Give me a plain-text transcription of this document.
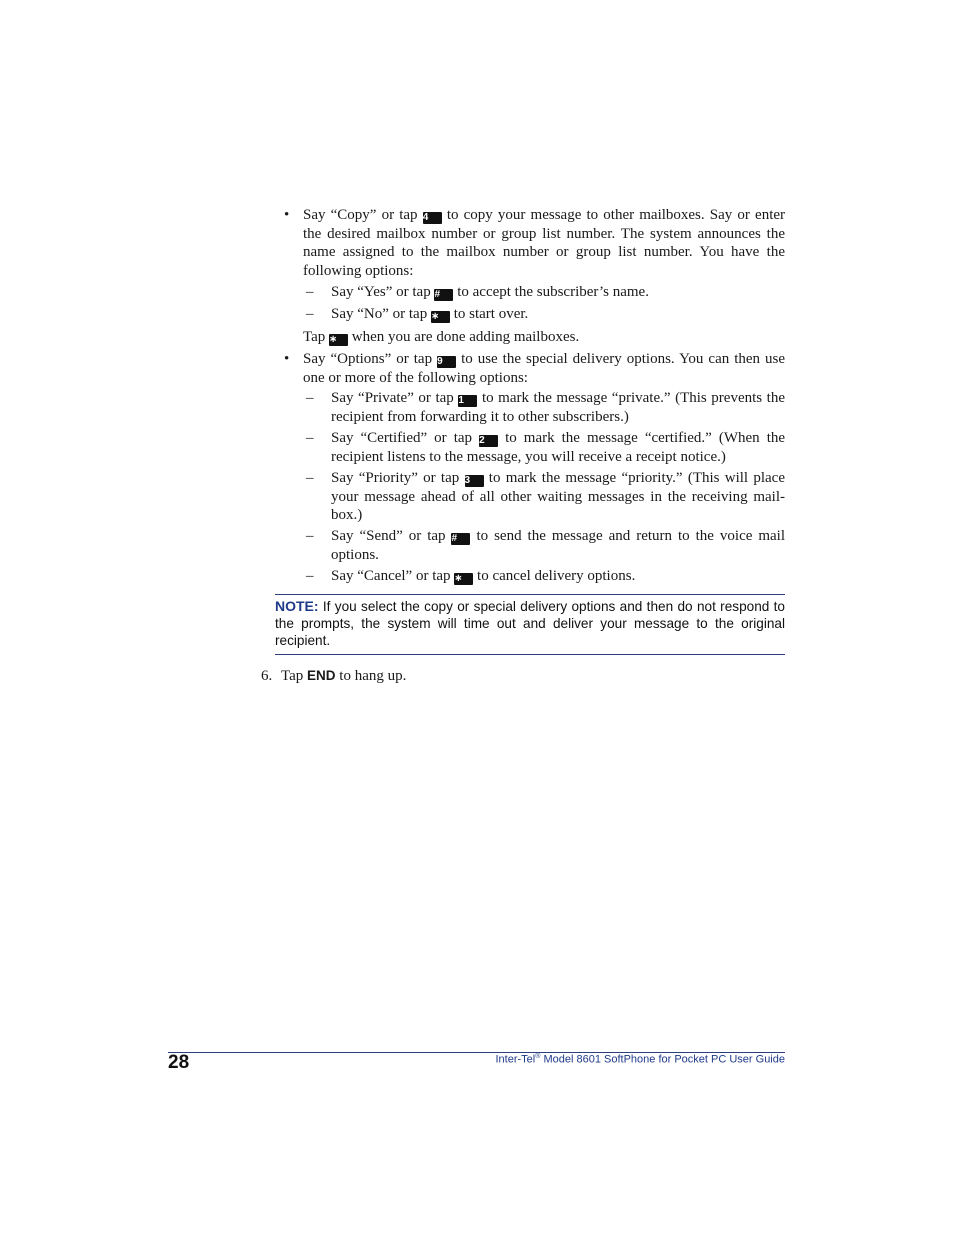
• Say “Copy” or tap 4 to copy your message to other mailboxes. Say or enter the desired mailbox number or group list number. The system announces the name assigned to the mailbox number or group list number. You have the following options:
– Say “Yes” or tap # to accept the subscriber’s name.
– Say “No” or tap ∗ to start over.
Tap ∗ when you are done adding mailboxes.
• Say “Options” or tap 9 to use the special delivery options. You can then use one or more of the following options:
– Say “Private” or tap 1 to mark the message “private.” (This prevents the recipient from forwarding it to other subscribers.)
– Say “Certified” or tap 2 to mark the message “certified.” (When the recipient listens to the message, you will receive a receipt notice.)
– Say “Priority” or tap 3 to mark the message “priority.” (This will place your message ahead of all other waiting messages in the receiving mail-box.)
– Say “Send” or tap # to send the message and return to the voice mail options.
– Say “Cancel” or tap ∗ to cancel delivery options.
NOTE: If you select the copy or special delivery options and then do not respond to the prompts, the system will time out and deliver your message to the original recipient.
6. Tap END to hang up.
28	Inter-Tel® Model 8601 SoftPhone for Pocket PC User Guide
